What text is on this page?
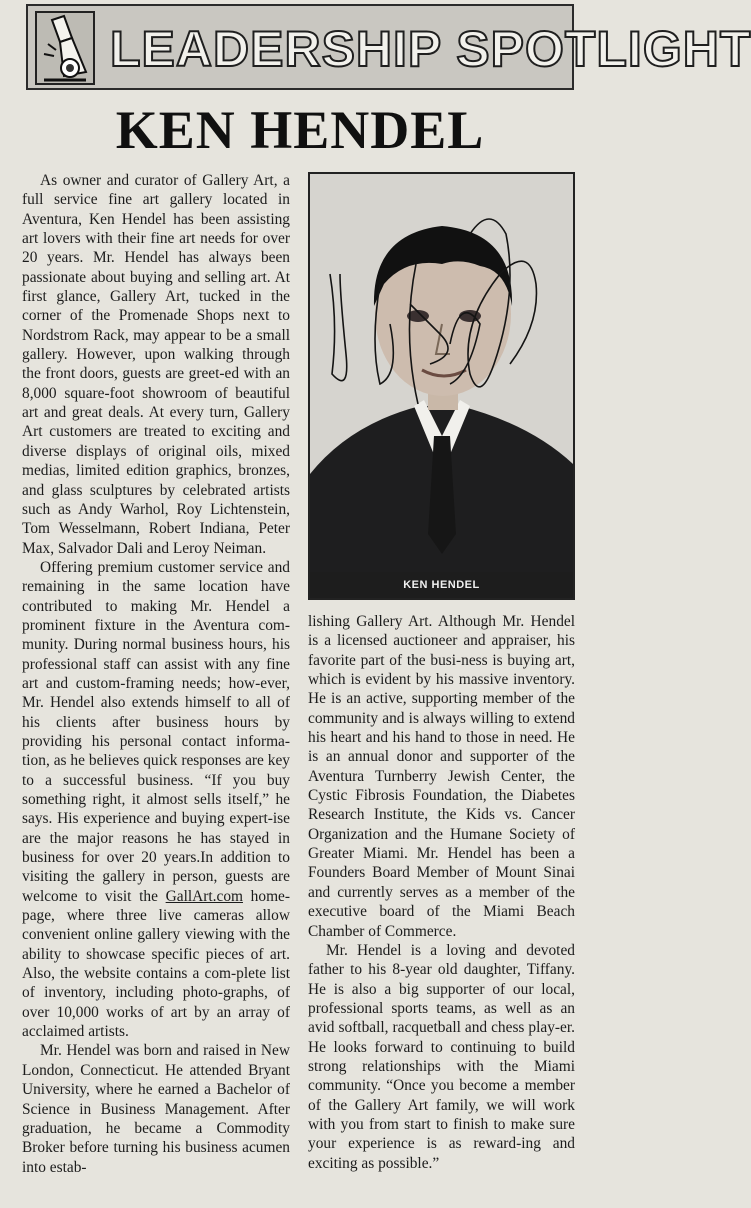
LEADERSHIP SPOTLIGHT
KEN HENDEL

As owner and curator of Gallery Art, a full service fine art gallery located in Aventura, Ken Hendel has been assisting art lovers with their fine art needs for over 20 years. Mr. Hendel has always been passionate about buying and selling art. At first glance, Gallery Art, tucked in the corner of the Promenade Shops next to Nordstrom Rack, may appear to be a small gallery. However, upon walking through the front doors, guests are greet-ed with an 8,000 square-foot showroom of beautiful art and great deals. At every turn, Gallery Art customers are treated to exciting and diverse displays of original oils, mixed medias, limited edition graphics, bronzes, and glass sculptures by celebrated artists such as Andy Warhol, Roy Lichtenstein, Tom Wesselmann, Robert Indiana, Peter Max, Salvador Dali and Leroy Neiman.

Offering premium customer service and remaining in the same location have contributed to making Mr. Hendel a prominent fixture in the Aventura com-munity. During normal business hours, his professional staff can assist with any fine art and custom-framing needs; how-ever, Mr. Hendel also extends himself to all of his clients after business hours by providing his personal contact informa-tion, as he believes quick responses are key to a successful business. “If you buy something right, it almost sells itself,” he says. His experience and buying expert-ise are the major reasons he has stayed in business for over 20 years.In addition to visiting the gallery in person, guests are welcome to visit the GallArt.com home-page, where three live cameras allow convenient online gallery viewing with the ability to showcase specific pieces of art. Also, the website contains a com-plete list of inventory, including photo-graphs, of over 10,000 works of art by an array of acclaimed artists.

Mr. Hendel was born and raised in New London, Connecticut. He attended Bryant University, where he earned a Bachelor of Science in Business Management. After graduation, he became a Commodity Broker before turning his business acumen into estab-

KEN HENDEL

lishing Gallery Art. Although Mr. Hendel is a licensed auctioneer and appraiser, his favorite part of the busi-ness is buying art, which is evident by his massive inventory. He is an active, supporting member of the community and is always willing to extend his heart and his hand to those in need. He is an annual donor and supporter of the Aventura Turnberry Jewish Center, the Cystic Fibrosis Foundation, the Diabetes Research Institute, the Kids vs. Cancer Organization and the Humane Society of Greater Miami. Mr. Hendel has been a Founders Board Member of Mount Sinai and currently serves as a member of the executive board of the Miami Beach Chamber of Commerce.

Mr. Hendel is a loving and devoted father to his 8-year old daughter, Tiffany. He is also a big supporter of our local, professional sports teams, as well as an avid softball, racquetball and chess play-er. He looks forward to continuing to build strong relationships with the Miami community. “Once you become a member of the Gallery Art family, we will work with you from start to finish to make sure your experience is as reward-ing and exciting as possible.”
